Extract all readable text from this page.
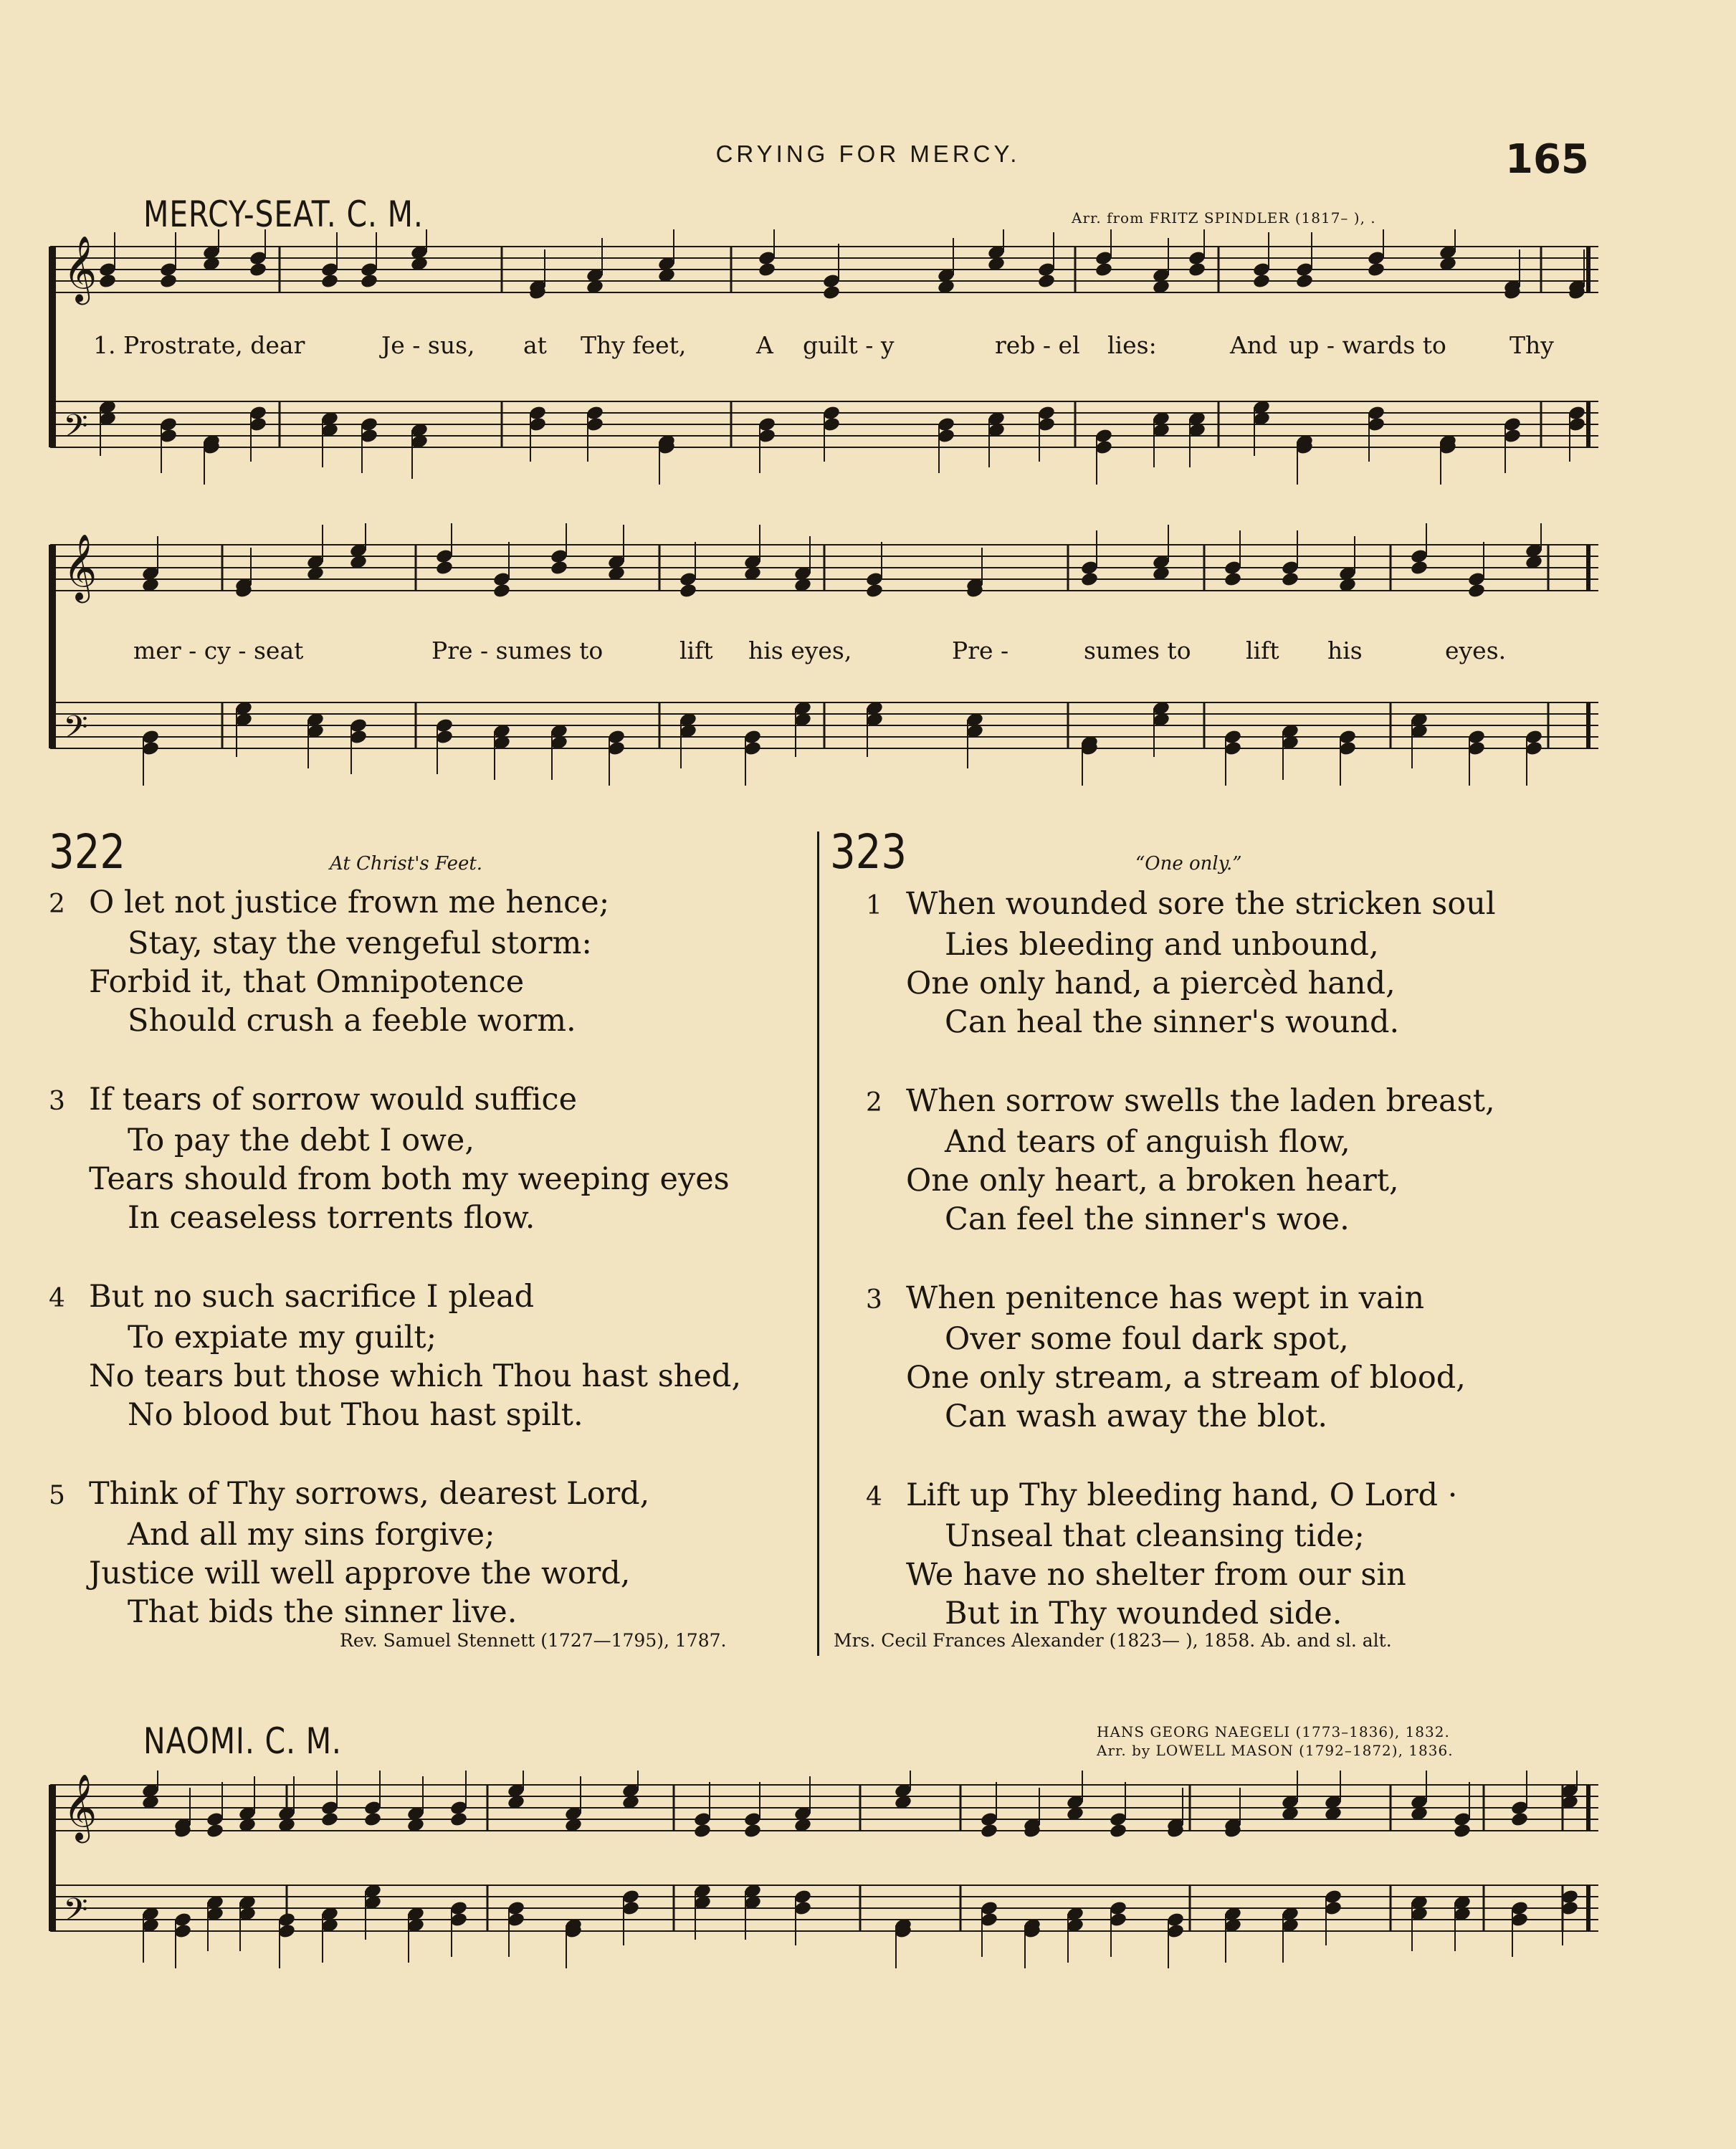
CRYING FOR MERCY.	165
MERCY-SEAT. C. M.	Arr. from FRITZ SPINDLER (1817– ), .
𝄞
𝄢
1. Prostrate, dear	Je - sus, at Thy feet,	A guilt - y	reb - el lies:	And up - wards to	Thy
𝄞
𝄢
mer - cy - seat	Pre - sumes to	lift his eyes,	Pre -	sumes to lift his	eyes.
322	At Christ's Feet.
2 O let not justice frown me hence;
Stay, stay the vengeful storm:
Forbid it, that Omnipotence
Should crush a feeble worm.
3 If tears of sorrow would suffice
To pay the debt I owe,
Tears should from both my weeping eyes
In ceaseless torrents flow.
4 But no such sacrifice I plead
To expiate my guilt;
No tears but those which Thou hast shed,
No blood but Thou hast spilt.
5 Think of Thy sorrows, dearest Lord,
And all my sins forgive;
Justice will well approve the word,
That bids the sinner live.
Rev. Samuel Stennett (1727—1795), 1787.
323	“One only.”
1 When wounded sore the stricken soul
Lies bleeding and unbound,
One only hand, a piercèd hand,
Can heal the sinner's wound.
2 When sorrow swells the laden breast,
And tears of anguish flow,
One only heart, a broken heart,
Can feel the sinner's woe.
3 When penitence has wept in vain
Over some foul dark spot,
One only stream, a stream of blood,
Can wash away the blot.
4 Lift up Thy bleeding hand, O Lord ·
Unseal that cleansing tide;
We have no shelter from our sin
But in Thy wounded side.
Mrs. Cecil Frances Alexander (1823— ), 1858. Ab. and sl. alt.
NAOMI. C. M.	HANS GEORG NAEGELI (1773–1836), 1832.
Arr. by LOWELL MASON (1792–1872), 1836.
𝄞
𝄢
